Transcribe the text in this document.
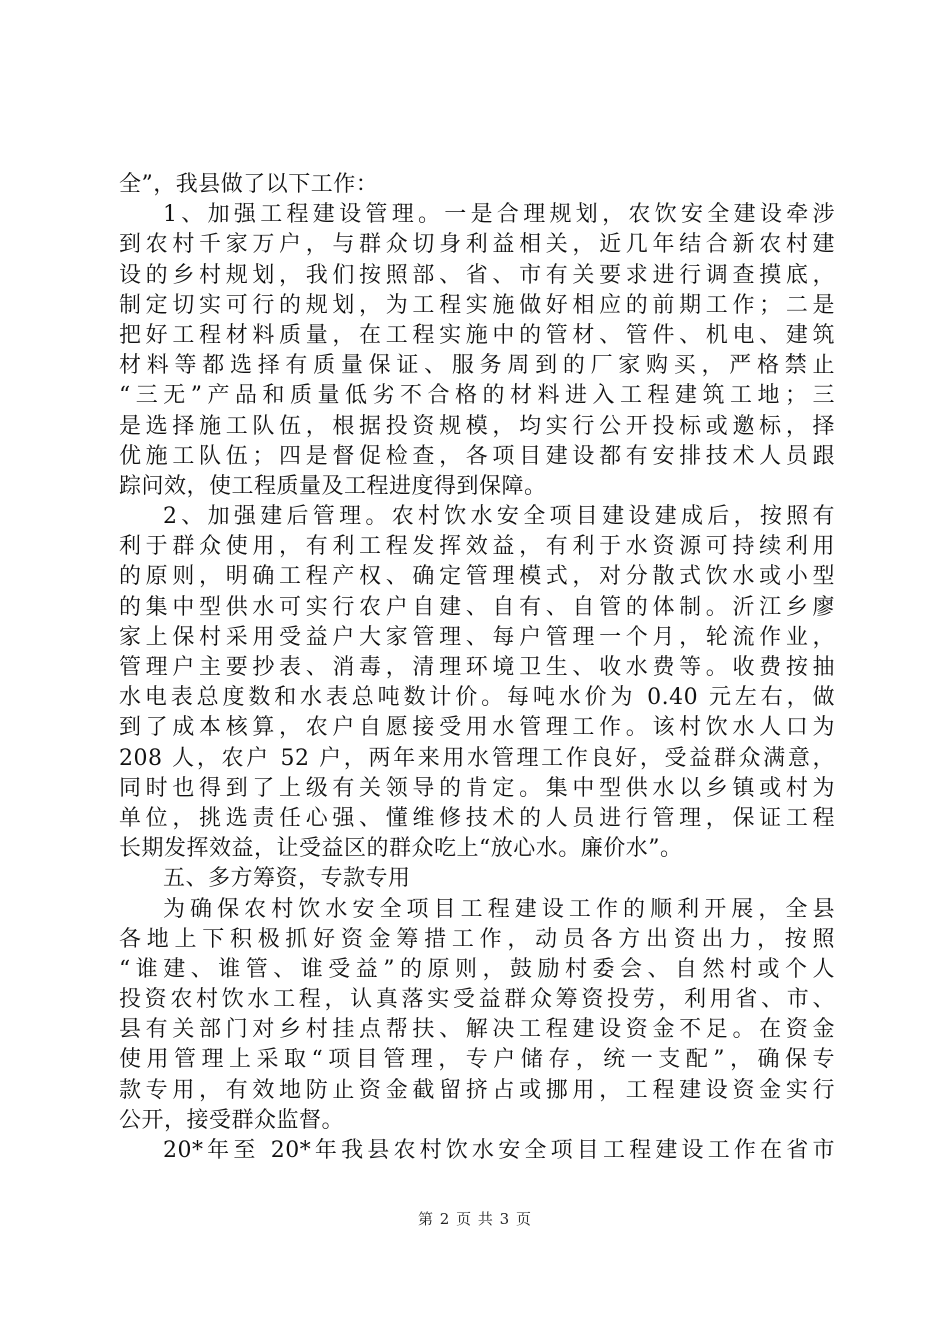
全”，我县做了以下工作：
1、加强工程建设管理。一是合理规划，农饮安全建设牵涉
到农村千家万户，与群众切身利益相关，近几年结合新农村建
设的乡村规划，我们按照部、省、市有关要求进行调查摸底，
制定切实可行的规划，为工程实施做好相应的前期工作；二是
把好工程材料质量，在工程实施中的管材、管件、机电、建筑
材料等都选择有质量保证、服务周到的厂家购买，严格禁止
“三无”产品和质量低劣不合格的材料进入工程建筑工地；三
是选择施工队伍，根据投资规模，均实行公开投标或邀标，择
优施工队伍；四是督促检查，各项目建设都有安排技术人员跟
踪问效，使工程质量及工程进度得到保障。
2、加强建后管理。农村饮水安全项目建设建成后，按照有
利于群众使用，有利工程发挥效益，有利于水资源可持续利用
的原则，明确工程产权、确定管理模式，对分散式饮水或小型
的集中型供水可实行农户自建、自有、自管的体制。沂江乡廖
家上保村采用受益户大家管理、每户管理一个月，轮流作业，
管理户主要抄表、消毒，清理环境卫生、收水费等。收费按抽
水电表总度数和水表总吨数计价。每吨水价为 0.40 元左右，做
到了成本核算，农户自愿接受用水管理工作。该村饮水人口为
208 人，农户 52 户，两年来用水管理工作良好，受益群众满意，
同时也得到了上级有关领导的肯定。集中型供水以乡镇或村为
单位，挑选责任心强、懂维修技术的人员进行管理，保证工程
长期发挥效益，让受益区的群众吃上“放心水。廉价水”。
五、多方筹资，专款专用
为确保农村饮水安全项目工程建设工作的顺利开展，全县
各地上下积极抓好资金筹措工作，动员各方出资出力，按照
“谁建、谁管、谁受益”的原则，鼓励村委会、自然村或个人
投资农村饮水工程，认真落实受益群众筹资投劳，利用省、市、
县有关部门对乡村挂点帮扶、解决工程建设资金不足。在资金
使用管理上采取“项目管理，专户储存，统一支配”，确保专
款专用，有效地防止资金截留挤占或挪用，工程建设资金实行
公开，接受群众监督。
20*年至 20*年我县农村饮水安全项目工程建设工作在省市
第 2 页 共 3 页
